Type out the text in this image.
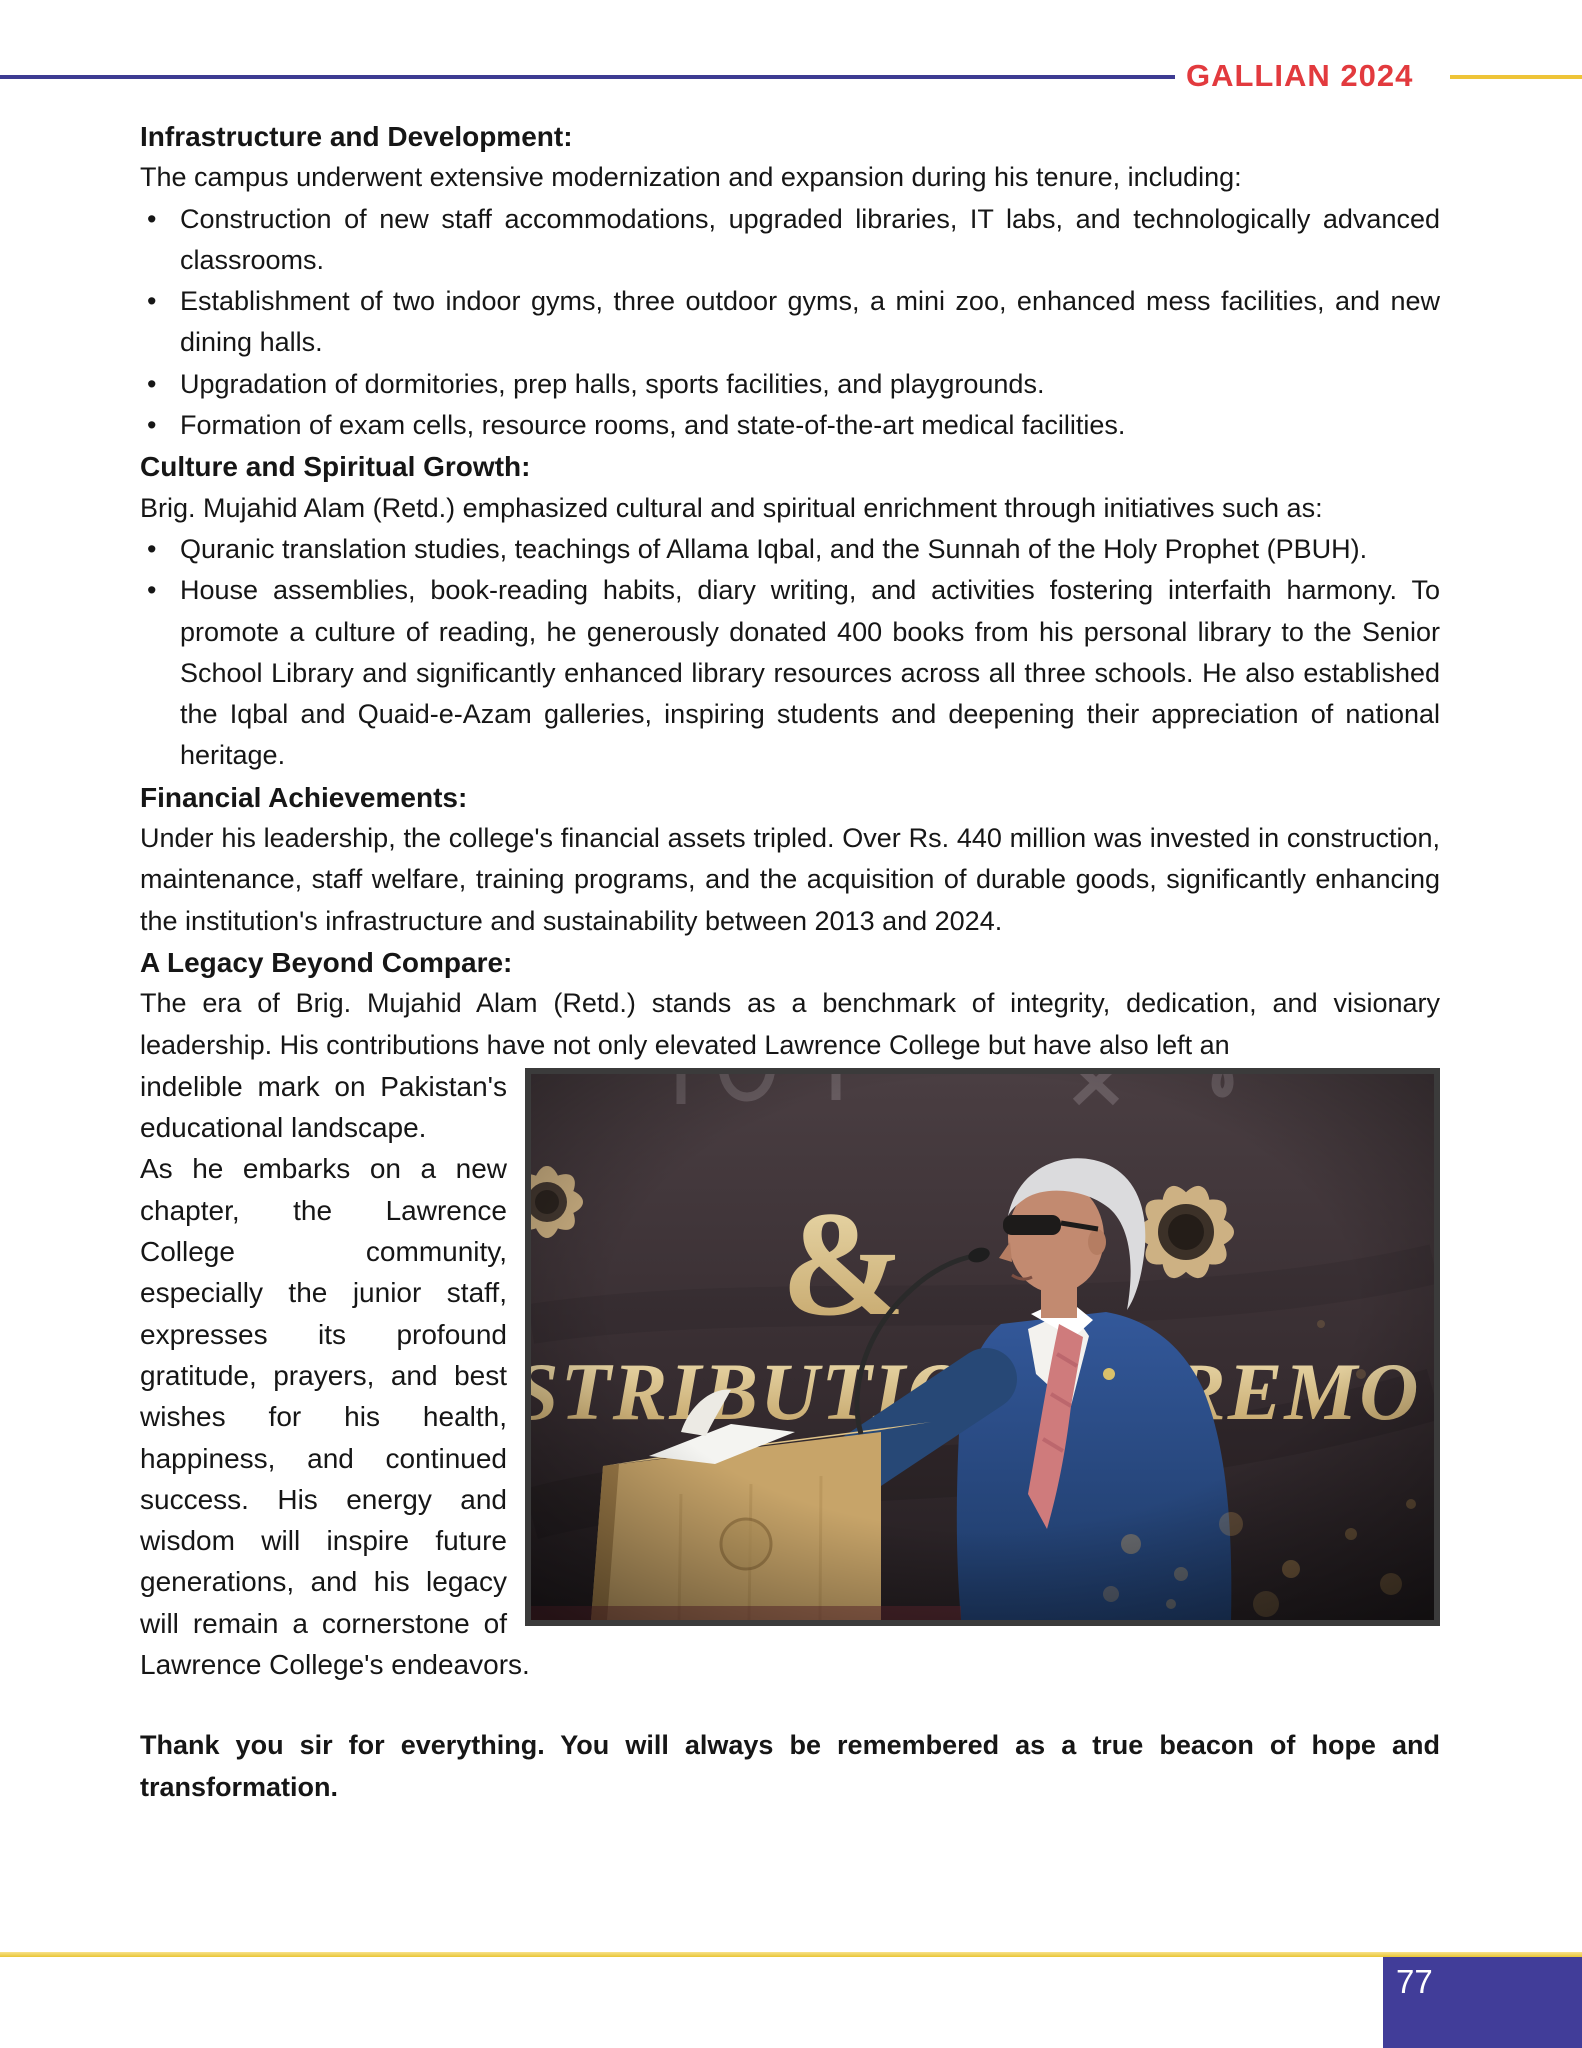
GALLIAN 2024
Infrastructure and Development:

The campus underwent extensive modernization and expansion during his tenure, including:

• Construction of new staff accommodations, upgraded libraries, IT labs, and technologically advanced classrooms.
• Establishment of two indoor gyms, three outdoor gyms, a mini zoo, enhanced mess facilities, and new dining halls.
• Upgradation of dormitories, prep halls, sports facilities, and playgrounds.
• Formation of exam cells, resource rooms, and state-of-the-art medical facilities.
Culture and Spiritual Growth:

Brig. Mujahid Alam (Retd.) emphasized cultural and spiritual enrichment through initiatives such as:

• Quranic translation studies, teachings of Allama Iqbal, and the Sunnah of the Holy Prophet (PBUH).
• House assemblies, book-reading habits, diary writing, and activities fostering interfaith harmony. To promote a culture of reading, he generously donated 400 books from his personal library to the Senior School Library and significantly enhanced library resources across all three schools. He also established the Iqbal and Quaid-e-Azam galleries, inspiring students and deepening their appreciation of national heritage.
Financial Achievements:

Under his leadership, the college's financial assets tripled. Over Rs. 440 million was invested in construction, maintenance, staff welfare, training programs, and the acquisition of durable goods, significantly enhancing the institution's infrastructure and sustainability between 2013 and 2024.

A Legacy Beyond Compare:

The era of Brig. Mujahid Alam (Retd.) stands as a benchmark of integrity, dedication, and visionary leadership. His contributions have not only elevated Lawrence College but have also left an

indelible mark on Pakistan's educational landscape.

As he embarks on a new chapter, the Lawrence College community, especially the junior staff, expresses its profound gratitude, prayers, and best wishes for his health, happiness, and continued success. His energy and wisdom will inspire future generations, and his legacy will remain a cornerstone of Lawrence College's endeavors.

Thank you sir for everything. You will always be remembered as a true beacon of hope and transformation.

77
